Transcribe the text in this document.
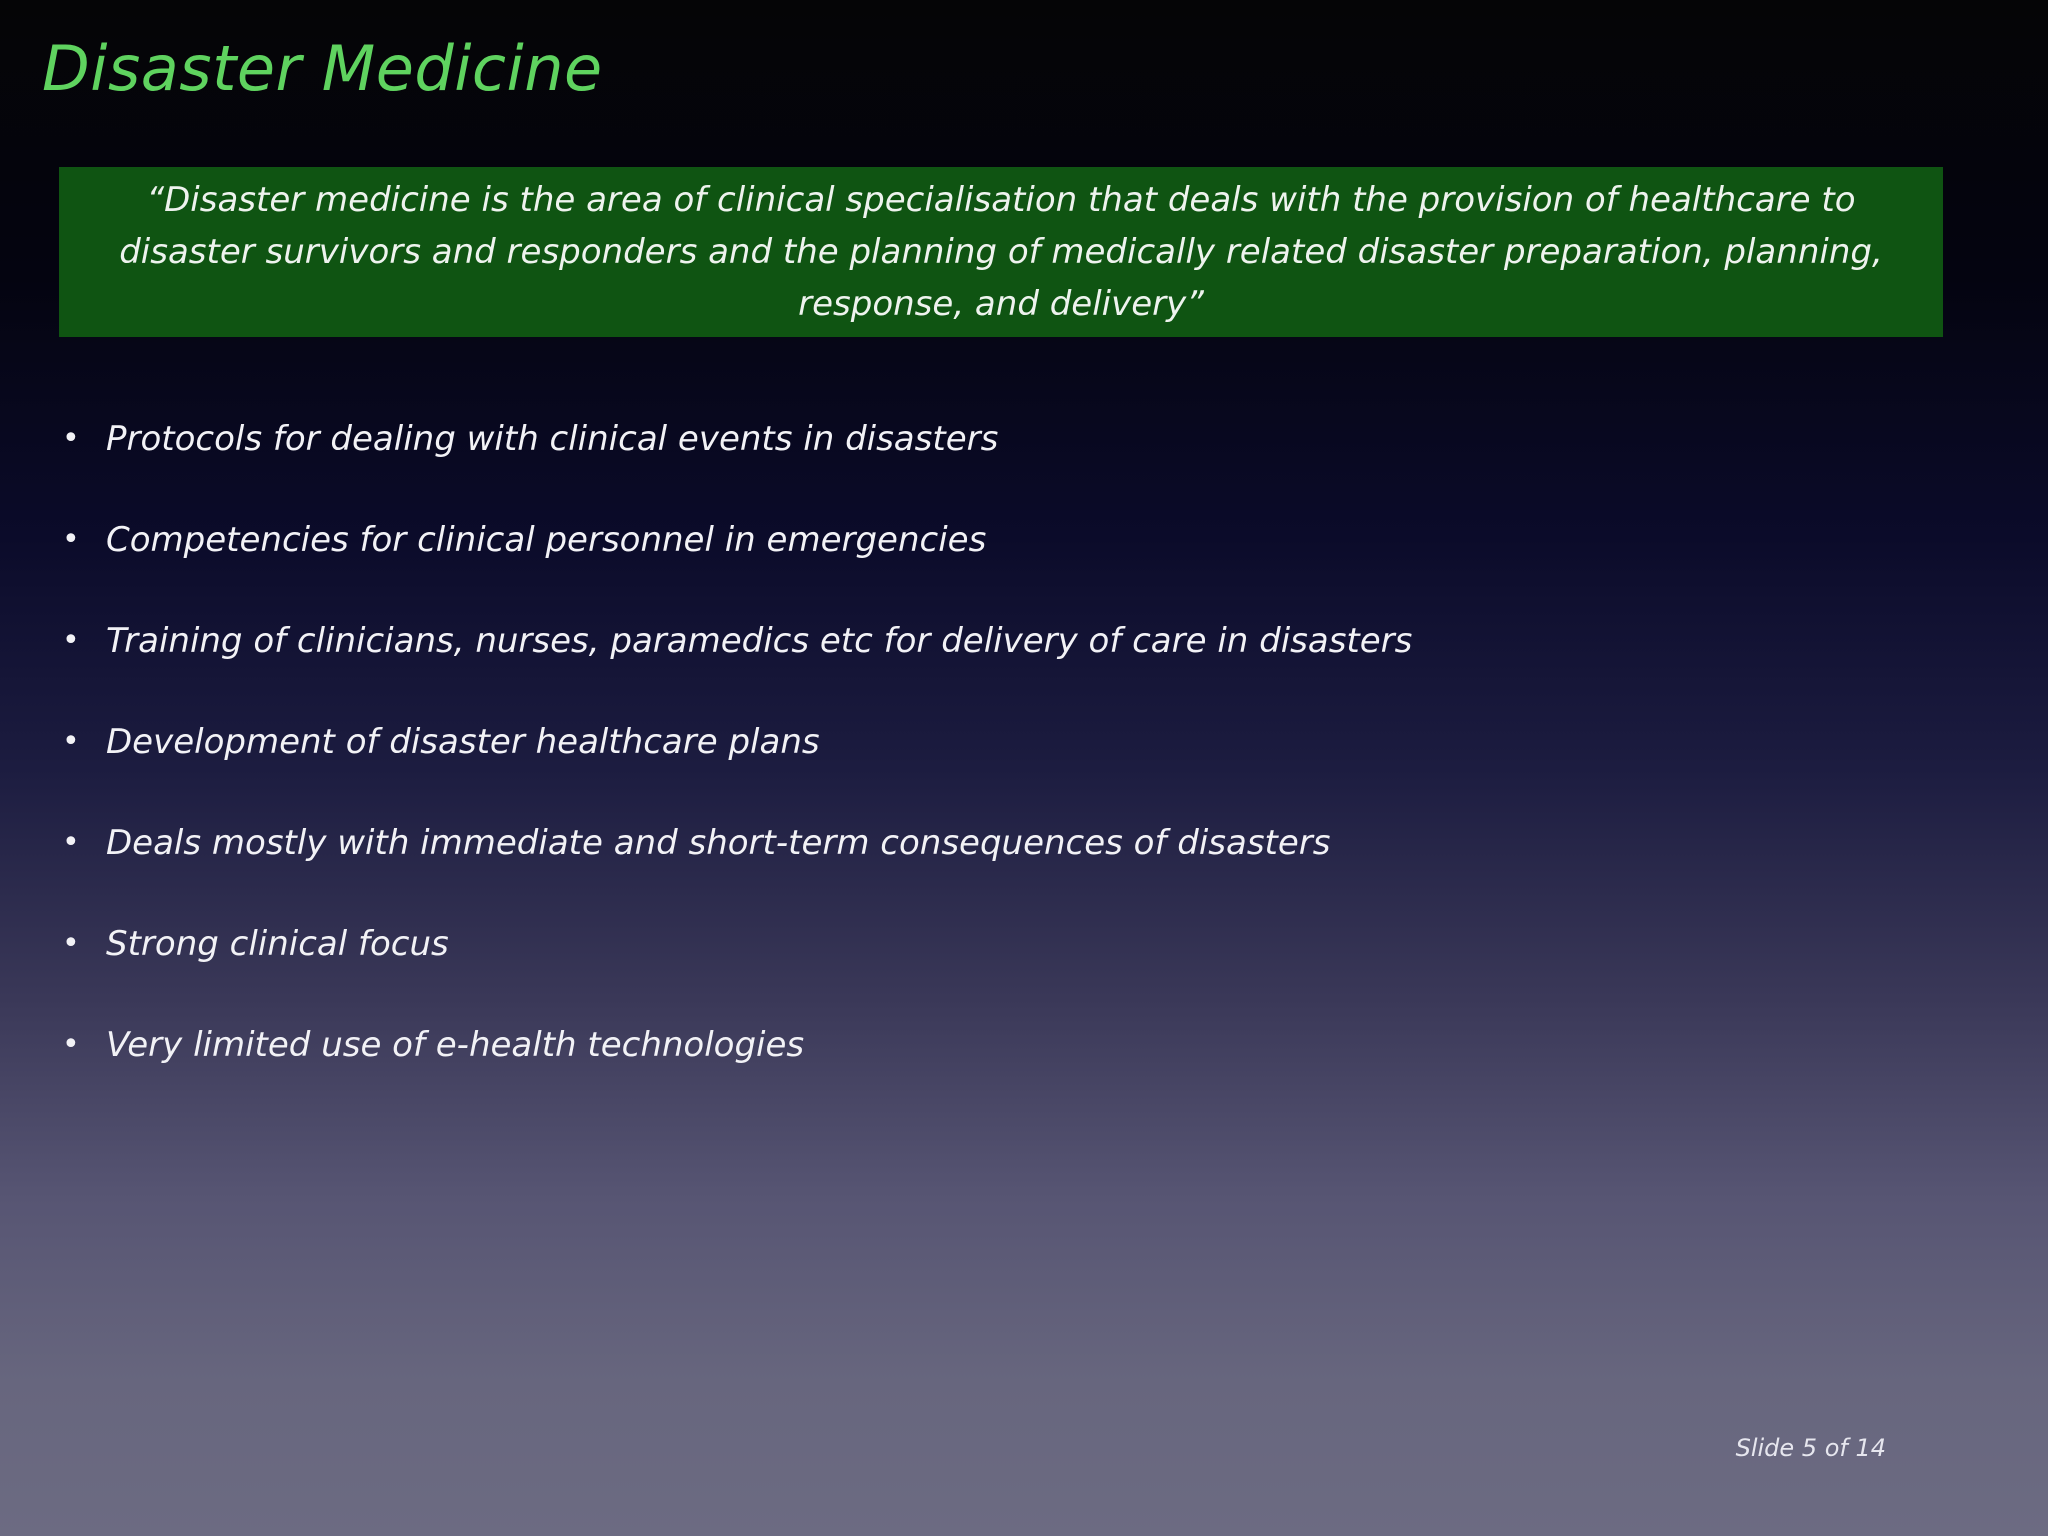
Disaster Medicine

“Disaster medicine is the area of clinical specialisation that deals with the provision of healthcare to disaster survivors and responders and the planning of medically related disaster preparation, planning, response, and delivery”

• Protocols for dealing with clinical events in disasters
• Competencies for clinical personnel in emergencies
• Training of clinicians, nurses, paramedics etc for delivery of care in disasters
• Development of disaster healthcare plans
• Deals mostly with immediate and short-term consequences of disasters
• Strong clinical focus
• Very limited use of e-health technologies
Slide 5 of 14
